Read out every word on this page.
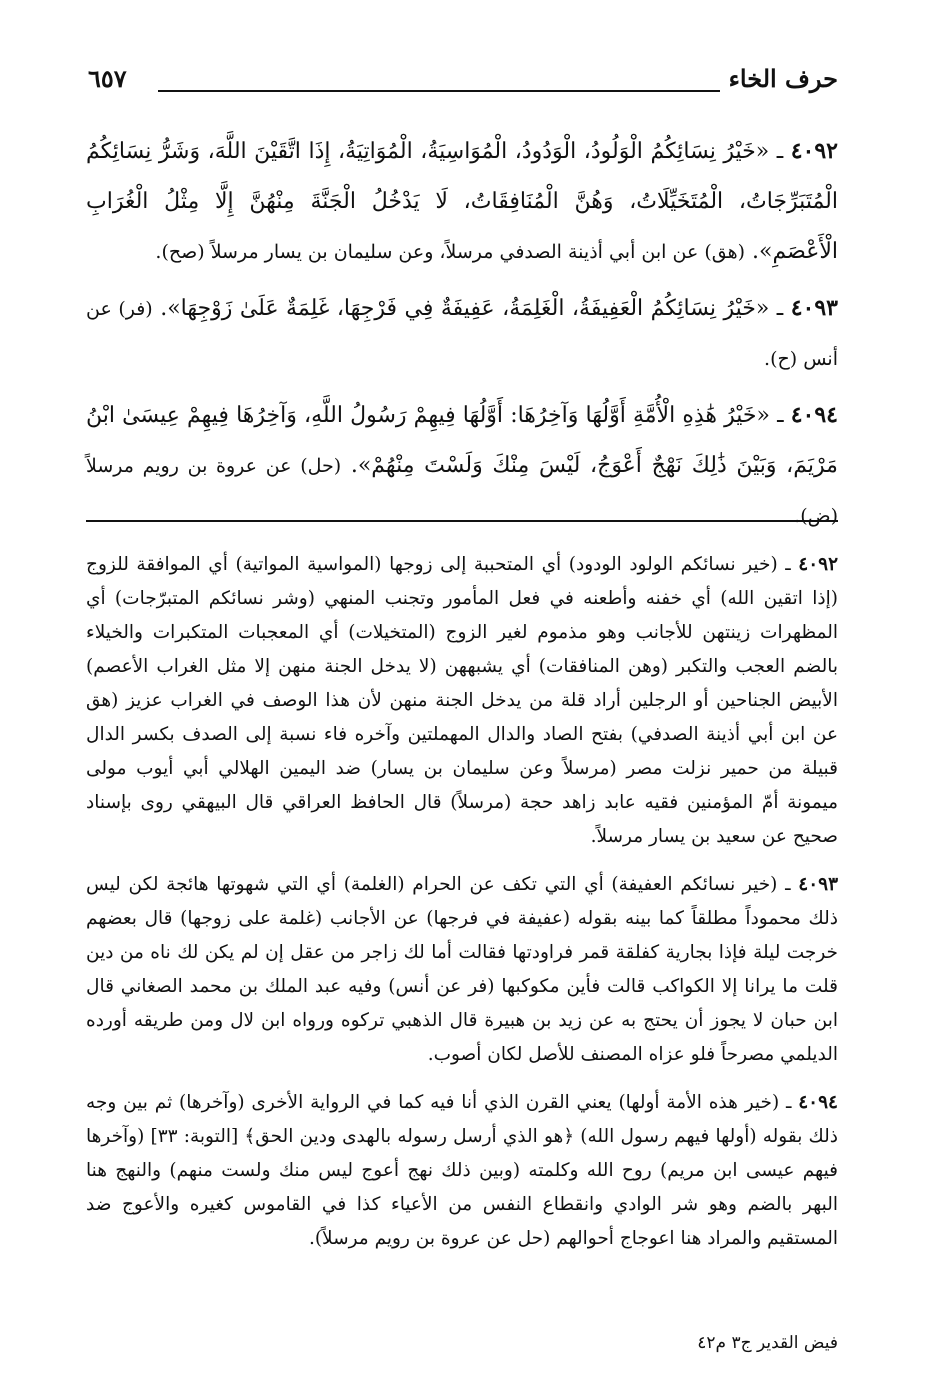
حرف الخاء
٦٥٧

٤٠٩٢ ـ «خَيْرُ نِسَائِكُمُ الْوَلُودُ، الْوَدُودُ، الْمُوَاسِيَةُ، الْمُوَاتِيَةُ، إِذَا اتَّقَيْنَ اللَّهَ، وَشَرُّ نِسَائِكُمُ الْمُتَبَرِّجَاتُ، الْمُتَخَيِّلَاتُ، وَهُنَّ الْمُنَافِقَاتُ، لَا يَدْخُلُ الْجَنَّةَ مِنْهُنَّ إِلَّا مِثْلُ الْغُرَابِ الْأَعْصَمِ». (هق) عن ابن أبي أذينة الصدفي مرسلاً، وعن سليمان بن يسار مرسلاً (صح).

٤٠٩٣ ـ «خَيْرُ نِسَائِكُمُ الْعَفِيفَةُ، الْغَلِمَةُ، عَفِيفَةٌ فِي فَرْجِهَا، غَلِمَةٌ عَلَىٰ زَوْجِهَا». (فر) عن أنس (ح).

٤٠٩٤ ـ «خَيْرُ هَٰذِهِ الْأُمَّةِ أَوَّلُهَا وَآخِرُهَا: أَوَّلُهَا فِيهِمْ رَسُولُ اللَّهِ، وَآخِرُهَا فِيهِمْ عِيسَىٰ ابْنُ مَرْيَمَ، وَبَيْنَ ذَٰلِكَ نَهْجٌ أَعْوَجُ، لَيْسَ مِنْكَ وَلَسْتَ مِنْهُمْ». (حل) عن عروة بن رويم مرسلاً (ض).

٤٠٩٢ ـ (خير نسائكم الولود الودود) أي المتحببة إلى زوجها (المواسية المواتية) أي الموافقة للزوج (إذا اتقين الله) أي خفنه وأطعنه في فعل المأمور وتجنب المنهي (وشر نسائكم المتبرّجات) أي المظهرات زينتهن للأجانب وهو مذموم لغير الزوج (المتخيلات) أي المعجبات المتكبرات والخيلاء بالضم العجب والتكبر (وهن المنافقات) أي يشبههن (لا يدخل الجنة منهن إلا مثل الغراب الأعصم) الأبيض الجناحين أو الرجلين أراد قلة من يدخل الجنة منهن لأن هذا الوصف في الغراب عزيز (هق عن ابن أبي أذينة الصدفي) بفتح الصاد والدال المهملتين وآخره فاء نسبة إلى الصدف بكسر الدال قبيلة من حمير نزلت مصر (مرسلاً وعن سليمان بن يسار) ضد اليمين الهلالي أبي أيوب مولى ميمونة أمّ المؤمنين فقيه عابد زاهد حجة (مرسلاً) قال الحافظ العراقي قال البيهقي روى بإسناد صحيح عن سعيد بن يسار مرسلاً.

٤٠٩٣ ـ (خير نسائكم العفيفة) أي التي تكف عن الحرام (الغلمة) أي التي شهوتها هائجة لكن ليس ذلك محموداً مطلقاً كما بينه بقوله (عفيفة في فرجها) عن الأجانب (غلمة على زوجها) قال بعضهم خرجت ليلة فإذا بجارية كفلقة قمر فراودتها فقالت أما لك زاجر من عقل إن لم يكن لك ناه من دين قلت ما يرانا إلا الكواكب قالت فأين مكوكبها (فر عن أنس) وفيه عبد الملك بن محمد الصغاني قال ابن حبان لا يجوز أن يحتج به عن زيد بن هبيرة قال الذهبي تركوه ورواه ابن لال ومن طريقه أورده الديلمي مصرحاً فلو عزاه المصنف للأصل لكان أصوب.

٤٠٩٤ ـ (خير هذه الأمة أولها) يعني القرن الذي أنا فيه كما في الرواية الأخرى (وآخرها) ثم بين وجه ذلك بقوله (أولها فيهم رسول الله) ﴿هو الذي أرسل رسوله بالهدى ودين الحق﴾ [التوبة: ٣٣] (وآخرها فيهم عيسى ابن مريم) روح الله وكلمته (وبين ذلك نهج أعوج ليس منك ولست منهم) والنهج هنا البهر بالضم وهو شر الوادي وانقطاع النفس من الأعياء كذا في القاموس كغيره والأعوج ضد المستقيم والمراد هنا اعوجاج أحوالهم (حل عن عروة بن رويم مرسلاً).

فيض القدير ج٣ م٤٢
